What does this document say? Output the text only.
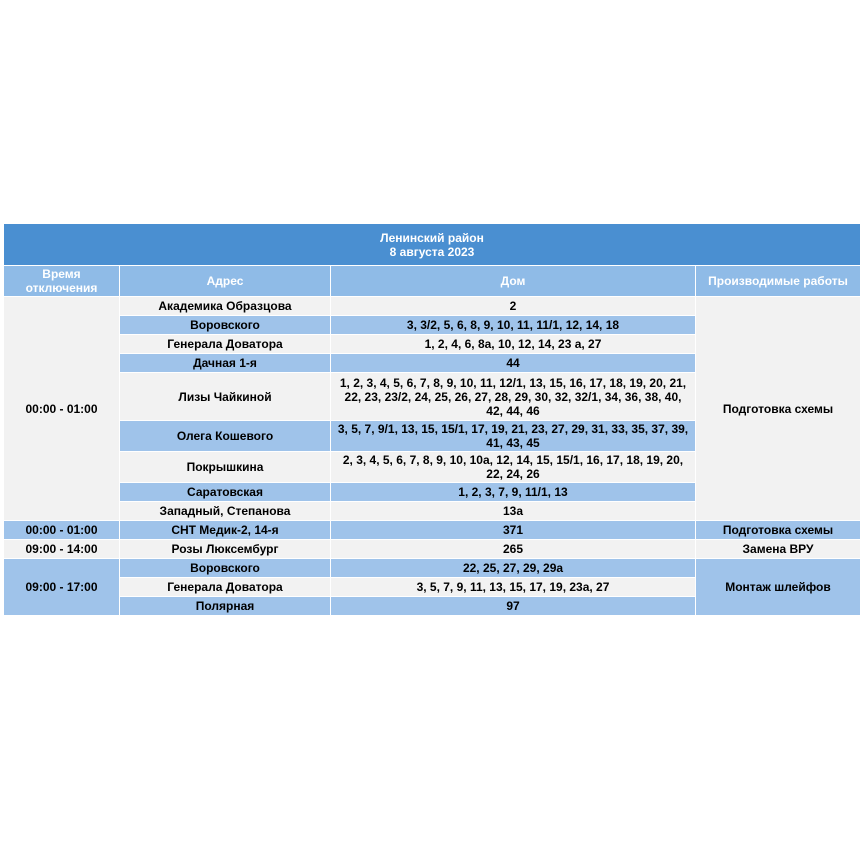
Ленинский район
8 августа 2023			

Время отключения	Адрес	Дом	Производимые работы
00:00 - 01:00	Академика Образцова	2	Подготовка схемы
	Воровского	3, 3/2, 5, 6, 8, 9, 10, 11, 11/1, 12, 14, 18	
	Генерала Доватора	1, 2, 4, 6, 8а, 10, 12, 14, 23 а, 27	
	Дачная 1-я	44	
	Лизы Чайкиной	1, 2, 3, 4, 5, 6, 7, 8, 9, 10, 11, 12/1, 13, 15, 16, 17, 18, 19, 20, 21, 22, 23, 23/2, 24, 25, 26, 27, 28, 29, 30, 32, 32/1, 34, 36, 38, 40, 42, 44, 46	
	Олега Кошевого	3, 5, 7, 9/1, 13, 15, 15/1, 17, 19, 21, 23, 27, 29, 31, 33, 35, 37, 39, 41, 43, 45	
	Покрышкина	2, 3, 4, 5, 6, 7, 8, 9, 10, 10а, 12, 14, 15, 15/1, 16, 17, 18, 19, 20, 22, 24, 26	
	Саратовская	1, 2, 3, 7, 9, 11/1, 13	
	Западный, Степанова	13а	
00:00 - 01:00	СНТ Медик-2, 14-я	371	Подготовка схемы
09:00 - 14:00	Розы Люксембург	265	Замена ВРУ
09:00 - 17:00	Воровского	22, 25, 27, 29, 29а	Монтаж шлейфов
	Генерала Доватора	3, 5, 7, 9, 11, 13, 15, 17, 19, 23а, 27	
	Полярная	97	
